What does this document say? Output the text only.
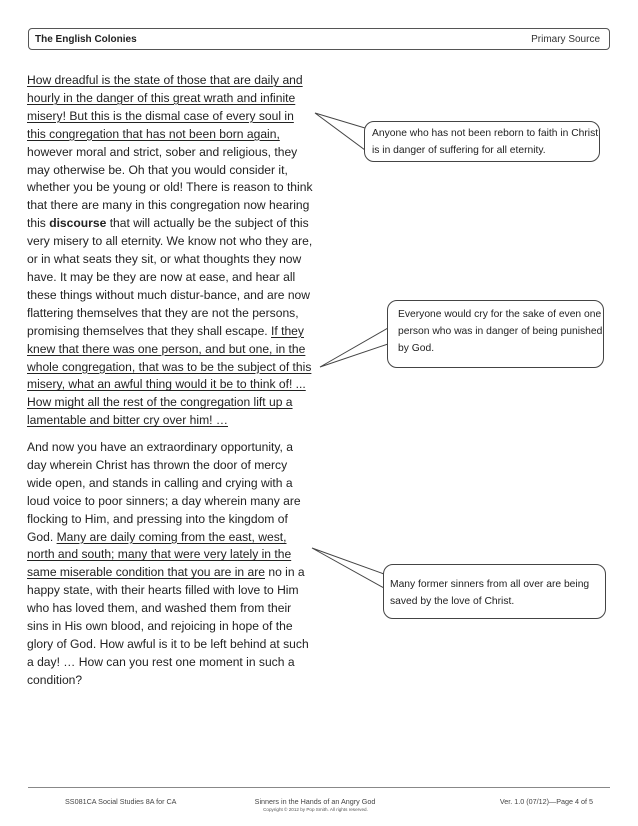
The English Colonies	Primary Source

How dreadful is the state of those that are daily and hourly in the danger of this great wrath and infinite misery! But this is the dismal case of every soul in this congregation that has not been born again, however moral and strict, sober and religious, they may otherwise be. Oh that you would consider it, whether you be young or old! There is reason to think that there are many in this congregation now hearing this discourse that will actually be the subject of this very misery to all eternity. We know not who they are, or in what seats they sit, or what thoughts they now have. It may be they are now at ease, and hear all these things without much distur-bance, and are now flattering themselves that they are not the persons, promising themselves that they shall escape. If they knew that there was one person, and but one, in the whole congregation, that was to be the subject of this misery, what an awful thing would it be to think of! ... How might all the rest of the congregation lift up a lamentable and bitter cry over him! …

And now you have an extraordinary opportunity, a day wherein Christ has thrown the door of mercy wide open, and stands in calling and crying with a loud voice to poor sinners; a day wherein many are flocking to Him, and pressing into the kingdom of God. Many are daily coming from the east, west, north and south; many that were very lately in the same miserable condition that you are in are no in a happy state, with their hearts filled with love to Him who has loved them, and washed them from their sins in His own blood, and rejoicing in hope of the glory of God. How awful is it to be left behind at such a day! … How can you rest one moment in such a condition?

Anyone who has not been reborn to faith in Christ is in danger of suffering for all eternity.
Everyone would cry for the sake of even one person who was in danger of being punished by God.
Many former sinners from all over are being saved by the love of Christ.
SS081CA Social Studies 8A for CA	Sinners in the Hands of an Angry God
Copyright © 2012 by Pop Smith. All rights reserved.
Ver. 1.0 (07/12)—Page 4 of 5
